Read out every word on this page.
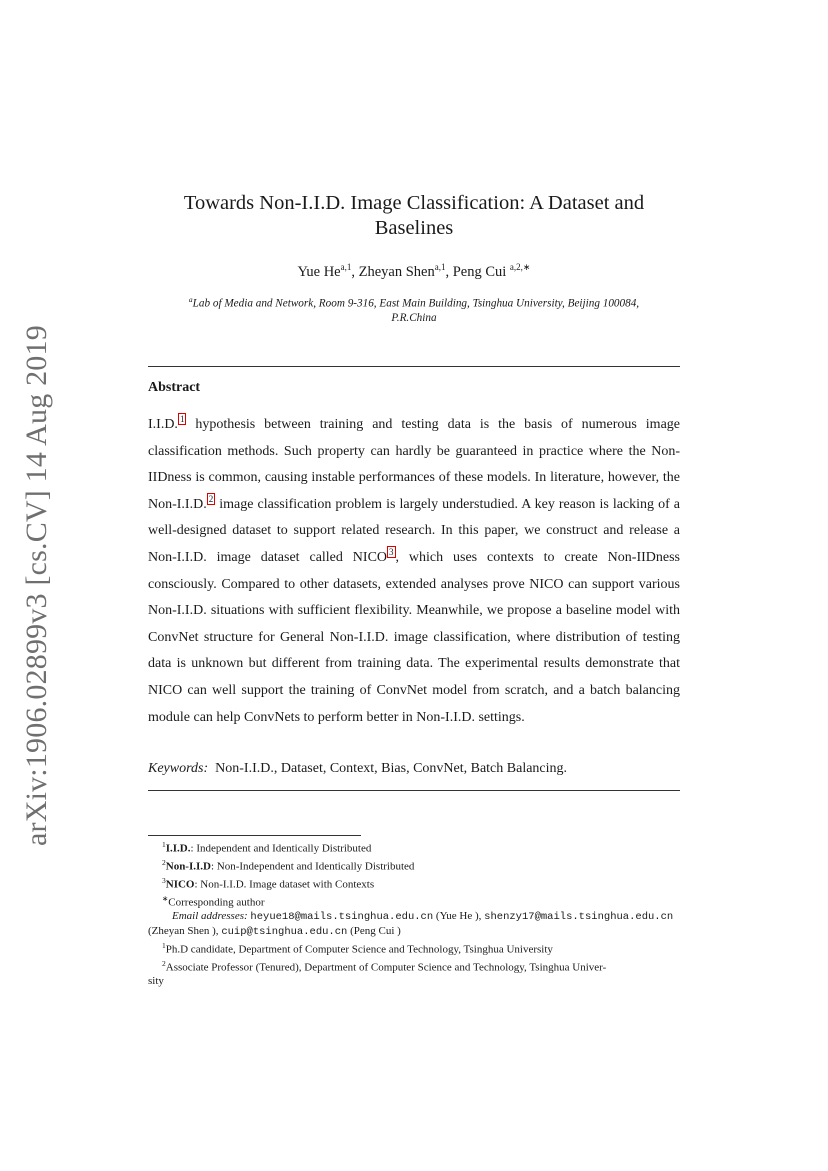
arXiv:1906.02899v3 [cs.CV] 14 Aug 2019
Towards Non-I.I.D. Image Classification: A Dataset and
Baselines
Yue He$^{a,1}$, Zheyan Shen$^{a,1}$, Peng Cui $^{a,2,∗}$
$^a$Lab of Media and Network, Room 9-316, East Main Building, Tsinghua University, Beijing 100084,
P.R.China
Abstract
I.I.D. $^1$ hypothesis between training and testing data is the basis of numerous image classification methods. Such property can hardly be guaranteed in practice where the Non-IIDness is common, causing instable performances of these models. In literature, however, the Non-I.I.D. $^2$ image classification problem is largely understudied. A key reason is lacking of a well-designed dataset to support related research. In this paper, we construct and release a Non-I.I.D. image dataset called NICO $^3$ , which uses contexts to create Non-IIDness consciously. Compared to other datasets, extended analyses prove NICO can support various Non-I.I.D. situations with sufficient flexibility. Meanwhile, we propose a baseline model with ConvNet structure for General Non-I.I.D. image classification, where distribution of testing data is unknown but different from training data. The experimental results demonstrate that NICO can well support the training of ConvNet model from scratch, and a batch balancing module can help ConvNets to perform better in Non-I.I.D. settings.
Keywords: Non-I.I.D., Dataset, Context, Bias, ConvNet, Batch Balancing.
$^1$I.I.D.: Independent and Identically Distributed
$^2$Non-I.I.D: Non-Independent and Identically Distributed
$^3$NICO: Non-I.I.D. Image dataset with Contexts
∗Corresponding author
Email addresses: heyue18@mails.tsinghua.edu.cn (Yue He ), shenzy17@mails.tsinghua.edu.cn
(Zheyan Shen ), cuip@tsinghua.edu.cn (Peng Cui )
$^1$Ph.D candidate, Department of Computer Science and Technology, Tsinghua University
$^2$Associate Professor (Tenured), Department of Computer Science and Technology, Tsinghua Univer-
sity
